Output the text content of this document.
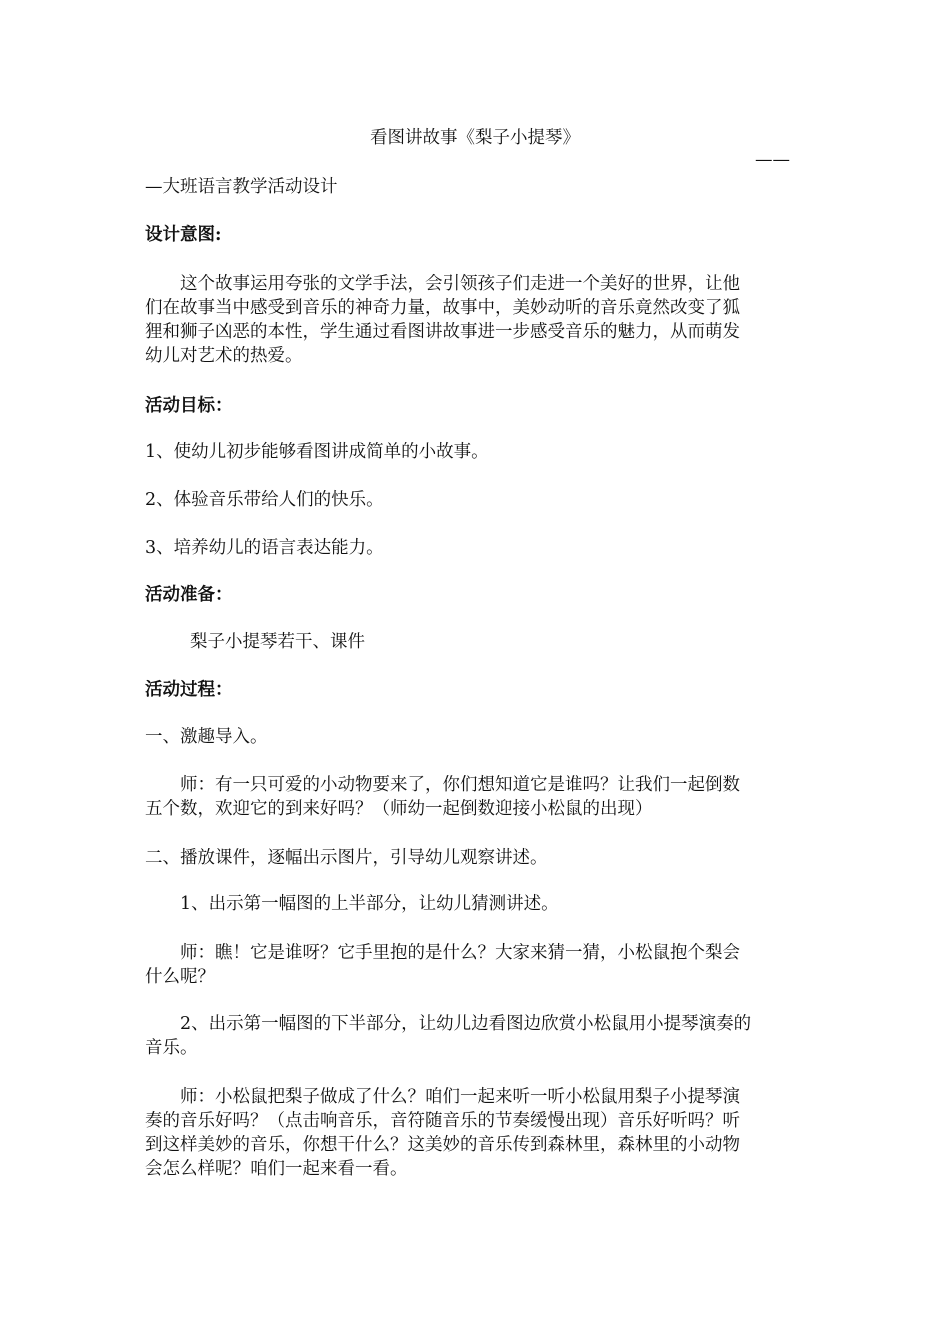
看图讲故事《梨子小提琴》

——

—大班语言教学活动设计

设计意图:

这个故事运用夸张的文学手法，会引领孩子们走进一个美好的世界，让他

们在故事当中感受到音乐的神奇力量，故事中，美妙动听的音乐竟然改变了狐

狸和狮子凶恶的本性，学生通过看图讲故事进一步感受音乐的魅力，从而萌发

幼儿对艺术的热爱。

活动目标：

1、使幼儿初步能够看图讲成简单的小故事。

2、体验音乐带给人们的快乐。

3、培养幼儿的语言表达能力。

活动准备：

梨子小提琴若干、课件

活动过程：

一、激趣导入。

师：有一只可爱的小动物要来了，你们想知道它是谁吗？让我们一起倒数

五个数，欢迎它的到来好吗？（师幼一起倒数迎接小松鼠的出现）

二、播放课件，逐幅出示图片，引导幼儿观察讲述。

1、出示第一幅图的上半部分，让幼儿猜测讲述。

师：瞧！它是谁呀？它手里抱的是什么？大家来猜一猜，小松鼠抱个梨会

什么呢？

2、出示第一幅图的下半部分，让幼儿边看图边欣赏小松鼠用小提琴演奏的

音乐。

师：小松鼠把梨子做成了什么？咱们一起来听一听小松鼠用梨子小提琴演

奏的音乐好吗？（点击响音乐，音符随音乐的节奏缓慢出现）音乐好听吗？听

到这样美妙的音乐，你想干什么？这美妙的音乐传到森林里，森林里的小动物

会怎么样呢？咱们一起来看一看。
